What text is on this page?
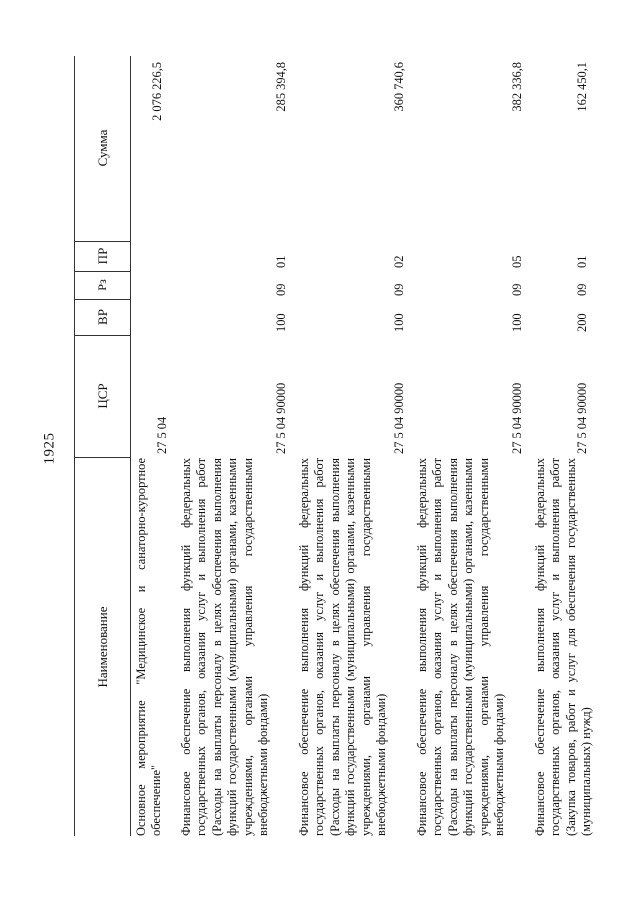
1925
Наименование
ЦСР
ВР
Рз
ПР
Сумма
Основное мероприятие "Медицинское и санаторно-курортное обеспечение"
27 5 04
2 076 226,5
Финансовое обеспечение выполнения функций федеральных государственных органов, оказания услуг и выполнения работ (Расходы на выплаты персоналу в целях обеспечения выполнения функций государственными (муниципальными) органами, казенными учреждениями, органами управления государственными внебюджетными фондами)
27 5 04 90000
100
09
01
285 394,8
Финансовое обеспечение выполнения функций федеральных государственных органов, оказания услуг и выполнения работ (Расходы на выплаты персоналу в целях обеспечения выполнения функций государственными (муниципальными) органами, казенными учреждениями, органами управления государственными внебюджетными фондами)
27 5 04 90000
100
09
02
360 740,6
Финансовое обеспечение выполнения функций федеральных государственных органов, оказания услуг и выполнения работ (Расходы на выплаты персоналу в целях обеспечения выполнения функций государственными (муниципальными) органами, казенными учреждениями, органами управления государственными внебюджетными фондами)
27 5 04 90000
100
09
05
382 336,8
Финансовое обеспечение выполнения функций федеральных государственных органов, оказания услуг и выполнения работ (Закупка товаров, работ и услуг для обеспечения государственных (муниципальных) нужд)
27 5 04 90000
200
09
01
162 450,1
